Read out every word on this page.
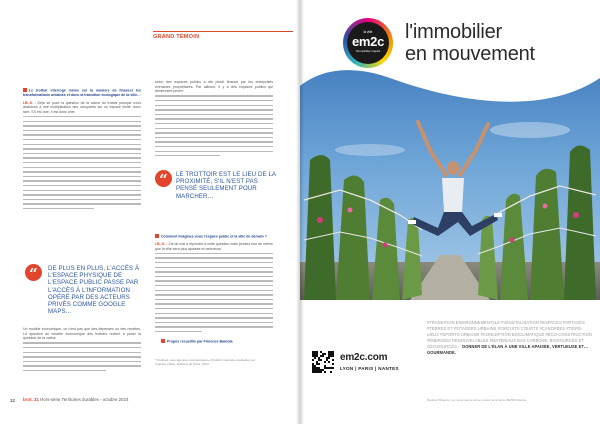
GRAND TÉMOIN
Le trottoir interrogé même sur la manière de financer les transformations urbaines et donc la transition écologique de la ville…
I.B.-S. : Déjà se pose la question de la valeur du trottoir puisque nous assistons à une multiplication des occupants sur un espace limité, donc rare. S'il est rare, il est donc cher.
Un modèle économique, ce n'est pas que des dépenses ou des recettes. La question du modèle économique des trottoirs revient à poser la question de la valeur.
selon des espaces publics a été plutôt financé par les entreprises riveraines propriétaires. Par ailleurs, il y a des espaces publics qui deviennent privés.
“	LE TROTTOIR EST LE LIEU DE LA PROXIMITÉ, S'IL N'EST PAS PENSÉ SEULEMENT POUR MARCHER…
Comment imaginez-vous l'espace public et la ville de demain ?
I.B.-S. : J'ai dû mal à répondre à cette question mais pensez tout de même que la ville sera plus apaisée et vertueuse.
Propos recueillis par Florence Bamola
* Podcast «Les agences économiques» (l'Institut, Nouvelle Aquitaine) sur l'espace public, Editions du Paris, 2023.
“	DE PLUS EN PLUS, L'ACCÈS À L'ESPACE PHYSIQUE DE L'ESPACE PUBLIC PASSE PAR L'ACCÈS À L'INFORMATION OPÉRÉ PAR DES ACTEURS PRIVÉS COMME GOOGLE MAPS…
12 brot. 31 Hors-série Territoires durables - octobre 2024
la ville
em2c
l'immobilier inspiré
l'immobilier
en mouvement
#TRANSITION ENVIRONNEMENTALE #VÉGÉTALISATION #ESPACES PARTAGÉS #TERRES ET POTAGERS URBAINS #CIRCUITS COURTS #CANOPÉES #TIERS-LIEUX #SPORTS URBAINS #CONCEPTION BIOCLIMATIQUE #ÉCO-CONSTRUCTION #ÉNERGIES RENOUVELABLES #MATÉRIAUX BAS CARBONE, BIOSOURCÉS ET GÉOSOURCÉS… DONNER DE L'ÉLAN À UNE VILLE APAISÉE, VERTUEUSE ET… GOURMANDE.
em2c.com
LYON | PARIS | NANTES
Marlène Pitrgeons, ne prenez pas la même couleur de la même BETRIC Nantes.
